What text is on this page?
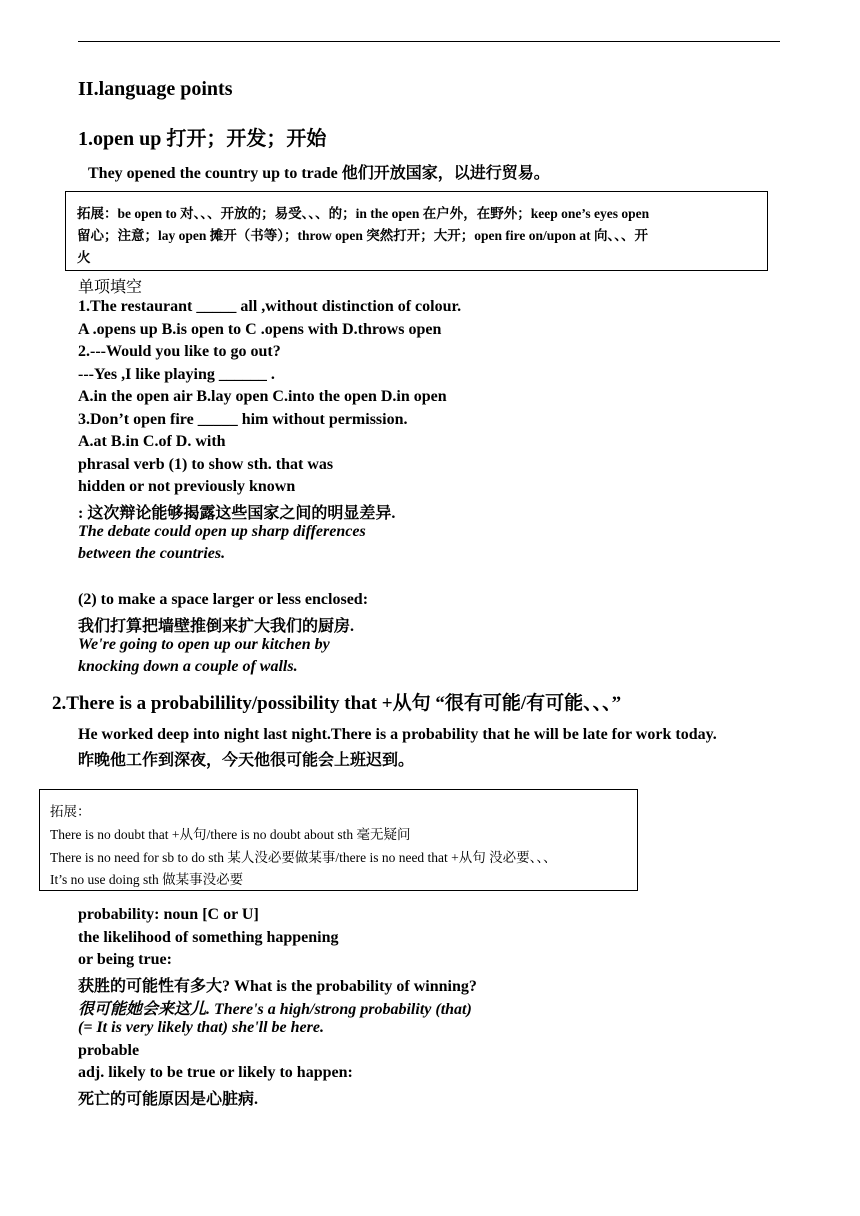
II.language points
1.open up 打开；开发；开始
They opened the country up to trade 他们开放国家，以进行贸易。
拓展：be open to 对、、、开放的；易受、、、的；in the open 在户外，在野外；keep one’s eyes open
留心；注意；lay open 摊开（书等）；throw open 突然打开；大开；open fire on/upon at 向、、、开
火
单项填空
1.The restaurant _____ all ,without distinction of colour.
A .opens up B.is open to C .opens with D.throws open
2.---Would you like to go out?
---Yes ,I like playing ______ .
A.in the open air B.lay open C.into the open D.in open
3.Don’t open fire _____ him without permission.
A.at B.in C.of D. with
phrasal verb (1) to show sth. that was
hidden or not previously known
: 这次辩论能够揭露这些国家之间的明显差异.
The debate could open up sharp differences
between the countries.
(2) to make a space larger or less enclosed:
我们打算把墙壁推倒来扩大我们的厨房.
We're going to open up our kitchen by
knocking down a couple of walls.
2.There is a probabilility/possibility that +从句 “很有可能/有可能、、、”
He worked deep into night last night.There is a probability that he will be late for work today.
昨晚他工作到深夜，今天他很可能会上班迟到。
拓展：
There is no doubt that +从句/there is no doubt about sth 毫无疑问
There is no need for sb to do sth 某人没必要做某事/there is no need that +从句 没必要、、、
It’s no use doing sth 做某事没必要
probability: noun [C or U]
the likelihood of something happening
or being true:
获胜的可能性有多大? What is the probability of winning?
很可能她会来这儿. There's a high/strong probability (that)
(= It is very likely that) she'll be here.
probable
adj. likely to be true or likely to happen:
死亡的可能原因是心脏病.
